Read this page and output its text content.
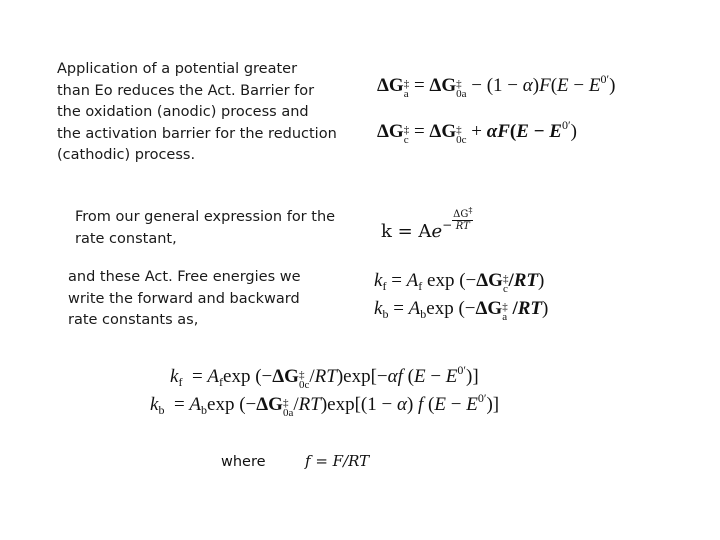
Application of a potential greater
than Eo reduces the Act. Barrier for
the oxidation (anodic) process and
the activation barrier for the reduction
(cathodic) process.
ΔG ‡
a = ΔG ‡
$0a - (1 - \alpha)F(E - E^{0'})$
ΔG ‡
c = ΔG ‡
$0c + \alpha F(E - E^{0'})$
From our general expression for the
rate constant,	$k = Ae^- \frac{\Delta G^\ddagger}{RT}$
and these Act. Free energies we
write the forward and backward
rate constants as,
$k_f = A_f$ exp (−ΔG ‡
c /RT)
$k_b = A_b\exp$ (−ΔG ‡
a /RT)
$k_f = A_f\exp$ (−ΔG ‡
0c /RT)exp[−αf $(E - E^{0'})$]
$k_b = A_b\exp$ (−ΔG ‡
0a /RT)exp[(1 − α) f $(E - E^{0'})$]
where	f = F/RT
